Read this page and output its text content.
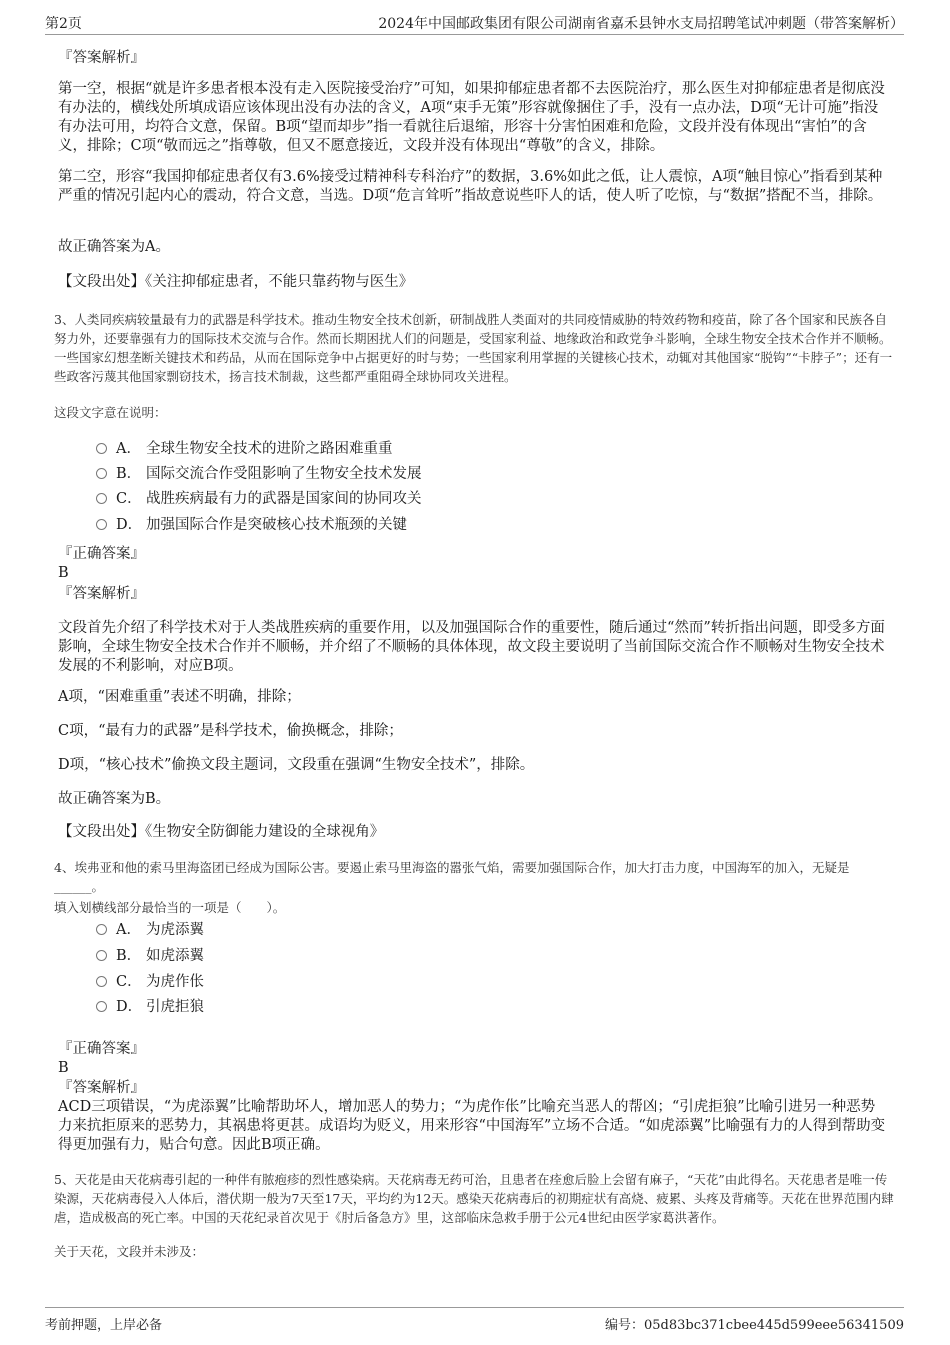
第2页	2024年中国邮政集团有限公司湖南省嘉禾县钟水支局招聘笔试冲刺题（带答案解析）
『答案解析』
第一空，根据“就是许多患者根本没有走入医院接受治疗”可知，如果抑郁症患者都不去医院治疗，那么医生对抑郁症患者是彻底没有办法的，横线处所填成语应该体现出没有办法的含义，A项“束手无策”形容就像捆住了手，没有一点办法，D项“无计可施”指没有办法可用，均符合文意，保留。B项“望而却步”指一看就往后退缩，形容十分害怕困难和危险，文段并没有体现出“害怕”的含义，排除；C项“敬而远之”指尊敬，但又不愿意接近，文段并没有体现出“尊敬”的含义，排除。
第二空，形容“我国抑郁症患者仅有3.6%接受过精神科专科治疗”的数据，3.6%如此之低，让人震惊，A项“触目惊心”指看到某种严重的情况引起内心的震动，符合文意，当选。D项“危言耸听”指故意说些吓人的话，使人听了吃惊，与“数据”搭配不当，排除。
故正确答案为A。
【文段出处】《关注抑郁症患者，不能只靠药物与医生》
3、人类同疾病较量最有力的武器是科学技术。推动生物安全技术创新，研制战胜人类面对的共同疫情威胁的特效药物和疫苗，除了各个国家和民族各自努力外，还要靠强有力的国际技术交流与合作。然而长期困扰人们的问题是，受国家利益、地缘政治和政党争斗影响，全球生物安全技术合作并不顺畅。一些国家幻想垄断关键技术和药品，从而在国际竞争中占据更好的时与势；一些国家利用掌握的关键核心技术，动辄对其他国家“脱钩”“卡脖子”；还有一些政客污蔑其他国家剽窃技术，扬言技术制裁，这些都严重阻碍全球协同攻关进程。
这段文字意在说明：
A． 全球生物安全技术的进阶之路困难重重
B． 国际交流合作受阻影响了生物安全技术发展
C． 战胜疾病最有力的武器是国家间的协同攻关
D． 加强国际合作是突破核心技术瓶颈的关键
『正确答案』
B
『答案解析』
文段首先介绍了科学技术对于人类战胜疾病的重要作用，以及加强国际合作的重要性，随后通过“然而”转折指出问题，即受多方面影响，全球生物安全技术合作并不顺畅，并介绍了不顺畅的具体体现，故文段主要说明了当前国际交流合作不顺畅对生物安全技术发展的不利影响，对应B项。
A项，“困难重重”表述不明确，排除；
C项，“最有力的武器”是科学技术，偷换概念，排除；
D项，“核心技术”偷换文段主题词，文段重在强调“生物安全技术”，排除。
故正确答案为B。
【文段出处】《生物安全防御能力建设的全球视角》
4、埃弗亚和他的索马里海盗团已经成为国际公害。要遏止索马里海盗的嚣张气焰，需要加强国际合作，加大打击力度，中国海军的加入，无疑是______。
填入划横线部分最恰当的一项是（　　）。
A． 为虎添翼
B． 如虎添翼
C． 为虎作伥
D． 引虎拒狼
『正确答案』
B
『答案解析』
ACD三项错误，“为虎添翼”比喻帮助坏人，增加恶人的势力；“为虎作伥”比喻充当恶人的帮凶；“引虎拒狼”比喻引进另一种恶势力来抗拒原来的恶势力，其祸患将更甚。成语均为贬义，用来形容“中国海军”立场不合适。“如虎添翼”比喻强有力的人得到帮助变得更加强有力，贴合句意。因此B项正确。
5、天花是由天花病毒引起的一种伴有脓疱疹的烈性感染病。天花病毒无药可治，且患者在痊愈后脸上会留有麻子，“天花”由此得名。天花患者是唯一传染源，天花病毒侵入人体后，潜伏期一般为7天至17天，平均约为12天。感染天花病毒后的初期症状有高烧、疲累、头疼及背痛等。天花在世界范围内肆虐，造成极高的死亡率。中国的天花纪录首次见于《肘后备急方》里，这部临床急救手册于公元4世纪由医学家葛洪著作。
关于天花，文段并未涉及：
考前押题，上岸必备	编号：05d83bc371cbee445d599eee56341509
